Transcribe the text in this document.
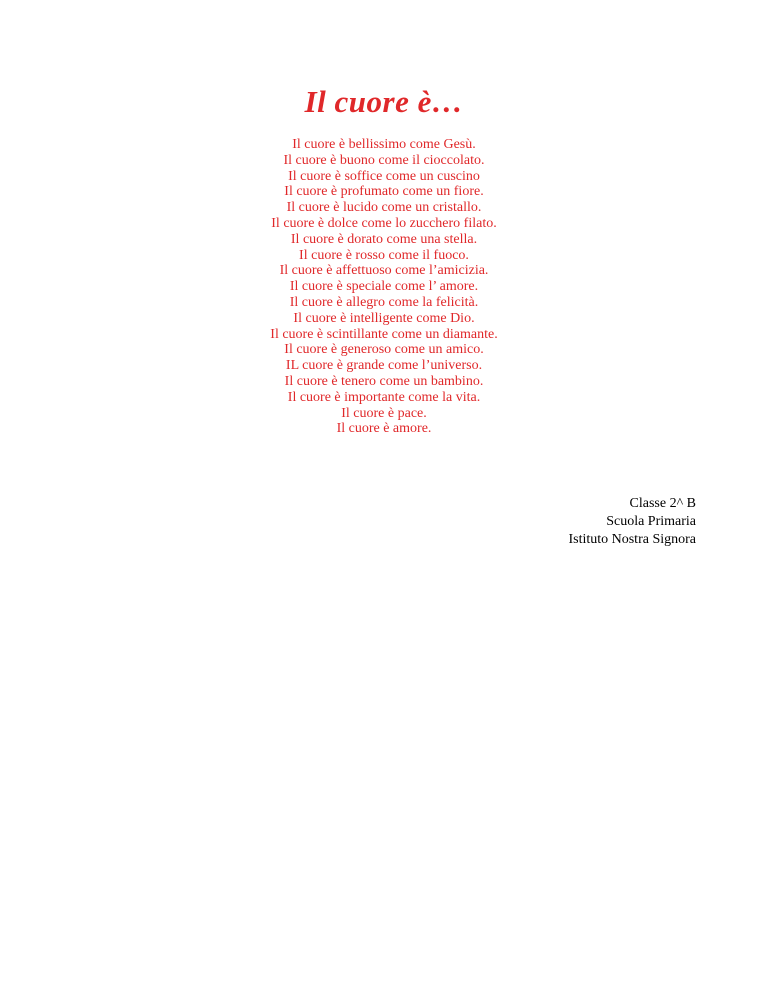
Il cuore è…
Il cuore è bellissimo come Gesù.
Il cuore è buono come il cioccolato.
Il cuore è soffice come un cuscino
Il cuore è profumato come un fiore.
Il cuore è lucido come un cristallo.
Il cuore è dolce come lo zucchero filato.
Il cuore è dorato come una stella.
Il cuore è rosso come il fuoco.
Il cuore è affettuoso come l’amicizia.
Il cuore è speciale come l’ amore.
Il cuore è allegro come la felicità.
Il cuore è intelligente come Dio.
Il cuore è scintillante come un diamante.
Il cuore è generoso come un amico.
IL cuore è grande come l’universo.
Il cuore è tenero come un bambino.
Il cuore è importante come la vita.
Il cuore è pace.
Il cuore è amore.
Classe 2^ B
Scuola Primaria
Istituto Nostra Signora
